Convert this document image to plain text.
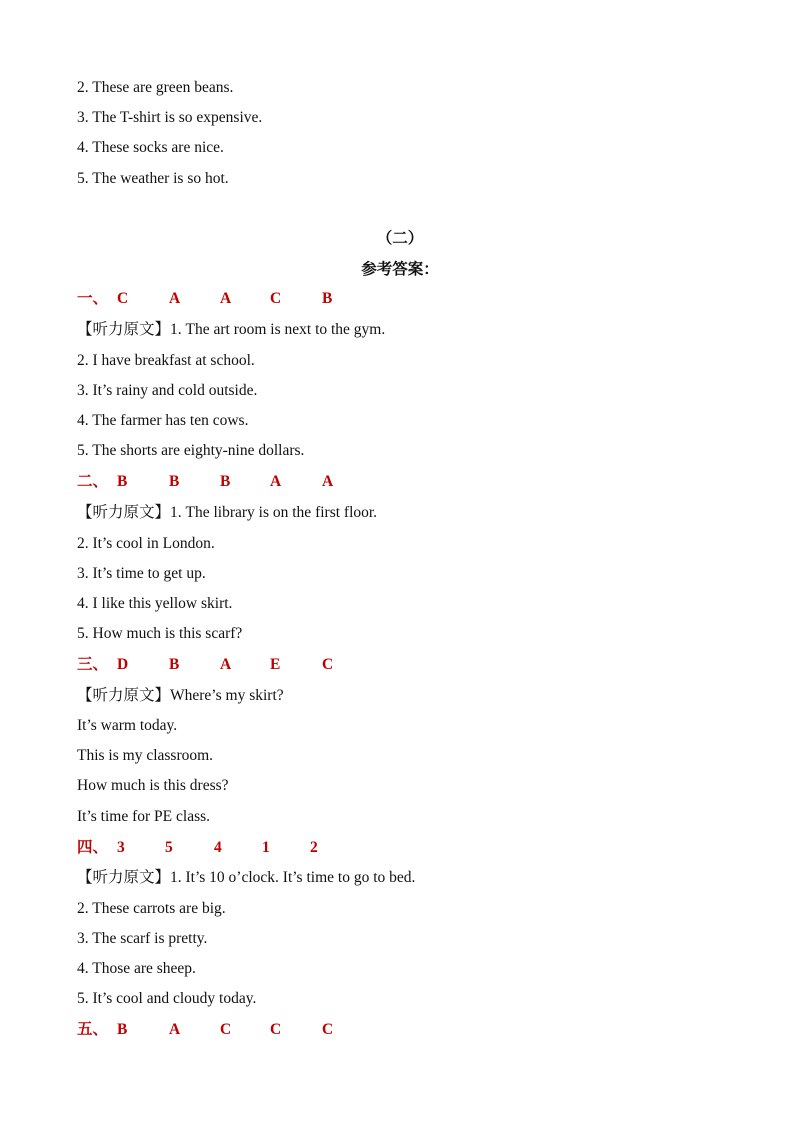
2. These are green beans.
3. The T-shirt is so expensive.
4. These socks are nice.
5. The weather is so hot.
（二）
参考答案：
一、 C	A	A	C	B
【听力原文】1. The art room is next to the gym.
2. I have breakfast at school.
3. It’s rainy and cold outside.
4. The farmer has ten cows.
5. The shorts are eighty-nine dollars.
二、 B	B	B	A	A
【听力原文】1. The library is on the first floor.
2. It’s cool in London.
3. It’s time to get up.
4. I like this yellow skirt.
5. How much is this scarf?
三、 D	B	A	E	C
【听力原文】Where’s my skirt?
It’s warm today.
This is my classroom.
How much is this dress?
It’s time for PE class.
四、 3	5	4	1	2
【听力原文】1. It’s 10 o’clock. It’s time to go to bed.
2. These carrots are big.
3. The scarf is pretty.
4. Those are sheep.
5. It’s cool and cloudy today.
五、 B	A	C	C	C
